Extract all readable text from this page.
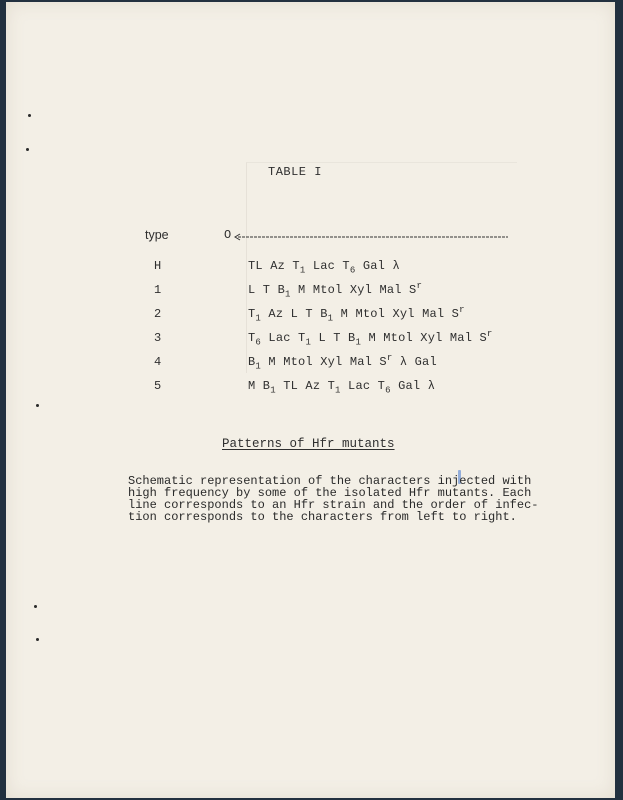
TABLE I
type	O
H	TL Az $T_1$ Lac $T_6$ Gal λ
1	L T $B_1$ M Mtol Xyl Mal $S^r$
2	$T_1$ Az L T $B_1$ M Mtol Xyl Mal $S^r$
3	$T_6$ Lac $T_1$ L T $B_1$ M Mtol Xyl Mal $S^r$
4	$B_1$ M Mtol Xyl Mal $S^r$ λ Gal
5	M $B_1$ TL Az $T_1$ Lac $T_6$ Gal λ
Patterns of Hfr mutants
Schematic representation of the characters injected with
high frequency by some of the isolated Hfr mutants. Each
line corresponds to an Hfr strain and the order of infec-
tion corresponds to the characters from left to right.
